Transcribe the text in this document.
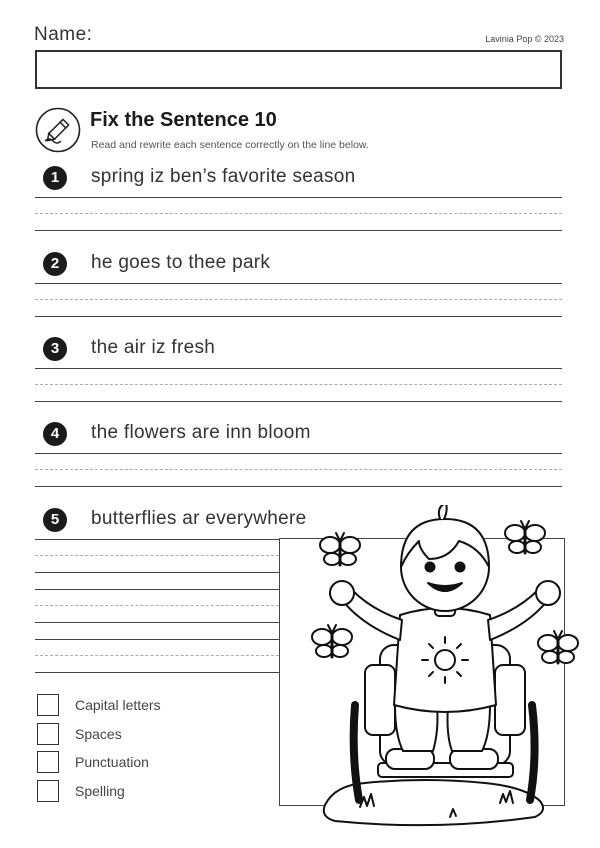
Name:	Lavinia Pop © 2023
Fix the Sentence 10
Read and rewrite each sentence correctly on the line below.
1	spring iz ben’s favorite season
2	he goes to thee park
3	the air iz fresh
4	the flowers are inn bloom
5	butterflies ar everywhere
Capital letters
Spaces
Punctuation
Spelling
